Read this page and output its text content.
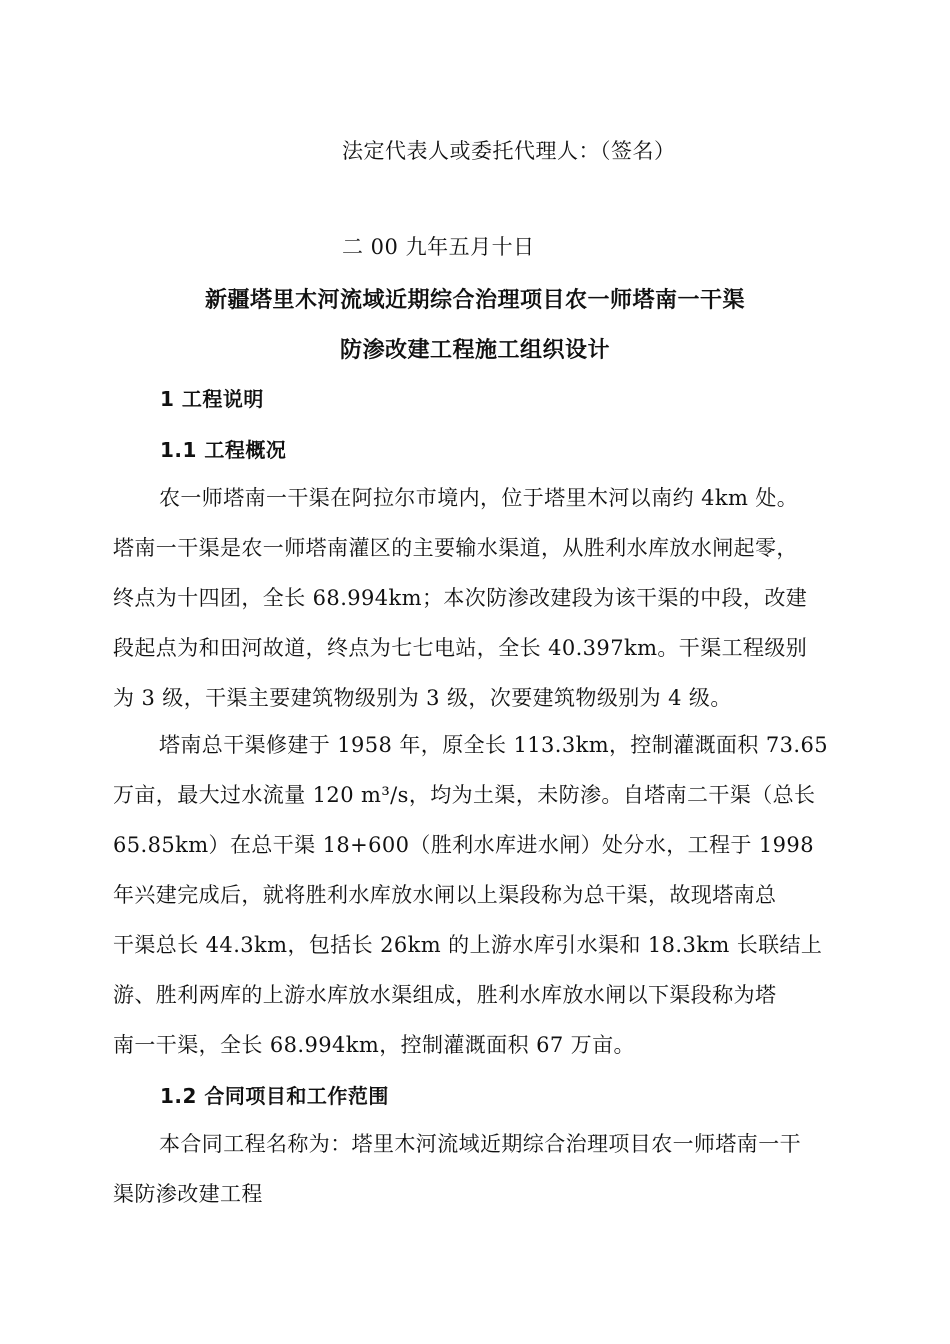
法定代表人或委托代理人：（签名）
二 00 九年五月十日
新疆塔里木河流域近期综合治理项目农一师塔南一干渠
防渗改建工程施工组织设计
1 工程说明
1.1 工程概况
农一师塔南一干渠在阿拉尔市境内，位于塔里木河以南约 4km 处。
塔南一干渠是农一师塔南灌区的主要输水渠道，从胜利水库放水闸起零，
终点为十四团，全长 68.994km；本次防渗改建段为该干渠的中段，改建
段起点为和田河故道，终点为七七电站，全长 40.397km。干渠工程级别
为 3 级，干渠主要建筑物级别为 3 级，次要建筑物级别为 4 级。
塔南总干渠修建于 1958 年，原全长 113.3km，控制灌溉面积 73.65
万亩，最大过水流量 120 m³/s，均为土渠，未防渗。自塔南二干渠（总长
65.85km）在总干渠 18+600（胜利水库进水闸）处分水，工程于 1998
年兴建完成后，就将胜利水库放水闸以上渠段称为总干渠，故现塔南总
干渠总长 44.3km，包括长 26km 的上游水库引水渠和 18.3km 长联结上
游、胜利两库的上游水库放水渠组成，胜利水库放水闸以下渠段称为塔
南一干渠，全长 68.994km，控制灌溉面积 67 万亩。
1.2 合同项目和工作范围
本合同工程名称为：塔里木河流域近期综合治理项目农一师塔南一干
渠防渗改建工程
